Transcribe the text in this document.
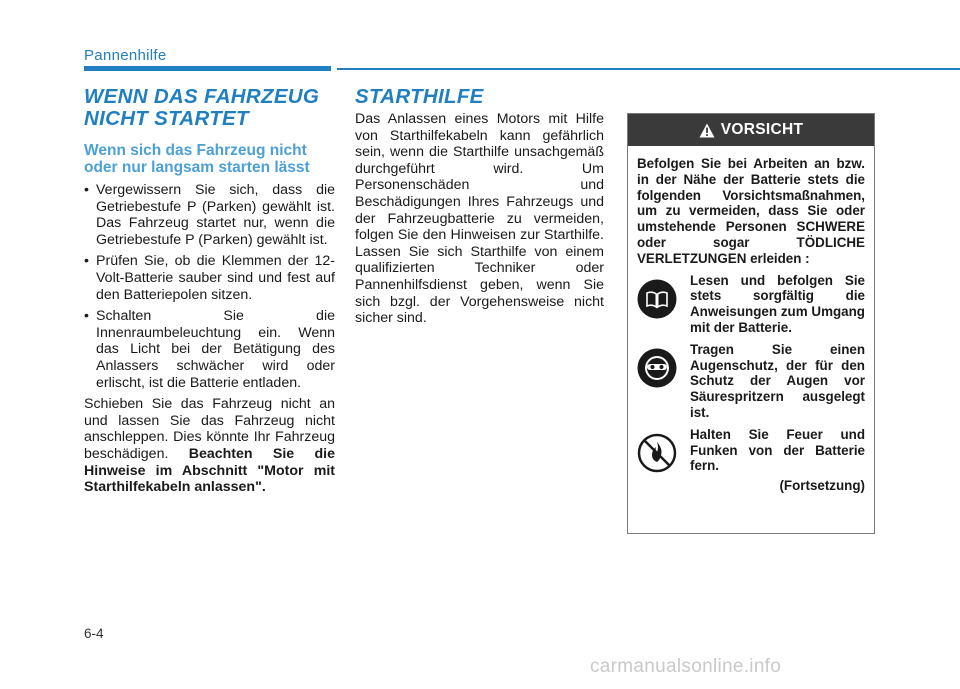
Pannenhilfe
WENN DAS FAHRZEUG
NICHT STARTET
Wenn sich das Fahrzeug nicht
oder nur langsam starten lässt
• Vergewissern Sie sich, dass die Getriebestufe P (Parken) gewählt ist. Das Fahrzeug startet nur, wenn die Getriebestufe P (Parken) gewählt ist.
• Prüfen Sie, ob die Klemmen der 12-Volt-Batterie sauber sind und fest auf den Batteriepolen sitzen.
• Schalten Sie die Innenraumbeleuchtung ein. Wenn das Licht bei der Betätigung des Anlassers schwächer wird oder erlischt, ist die Batterie entladen.

Schieben Sie das Fahrzeug nicht an und lassen Sie das Fahrzeug nicht anschleppen. Dies könnte Ihr Fahrzeug beschädigen. Beachten Sie die Hinweise im Abschnitt "Motor mit Starthilfekabeln anlassen".

STARTHILFE

Das Anlassen eines Motors mit Hilfe von Starthilfekabeln kann gefährlich sein, wenn die Starthilfe unsachgemäß durchgeführt wird. Um Personenschäden und Beschädigungen Ihres Fahrzeugs und der Fahrzeugbatterie zu vermeiden, folgen Sie den Hinweisen zur Starthilfe. Lassen Sie sich Starthilfe von einem qualifizierten Techniker oder Pannenhilfsdienst geben, wenn Sie sich bzgl. der Vorgehensweise nicht sicher sind.

VORSICHT
Befolgen Sie bei Arbeiten an bzw. in der Nähe der Batterie stets die folgenden Vorsichtsmaßnahmen, um zu vermeiden, dass Sie oder umstehende Personen SCHWERE oder sogar TÖDLICHE VERLETZUNGEN erleiden :
Lesen und befolgen Sie stets sorgfältig die Anweisungen zum Umgang mit der Batterie.
Tragen Sie einen Augenschutz, der für den Schutz der Augen vor Säurespritzern ausgelegt ist.
Halten Sie Feuer und Funken von der Batterie fern.
(Fortsetzung)
6-4
carmanualsonline.info
